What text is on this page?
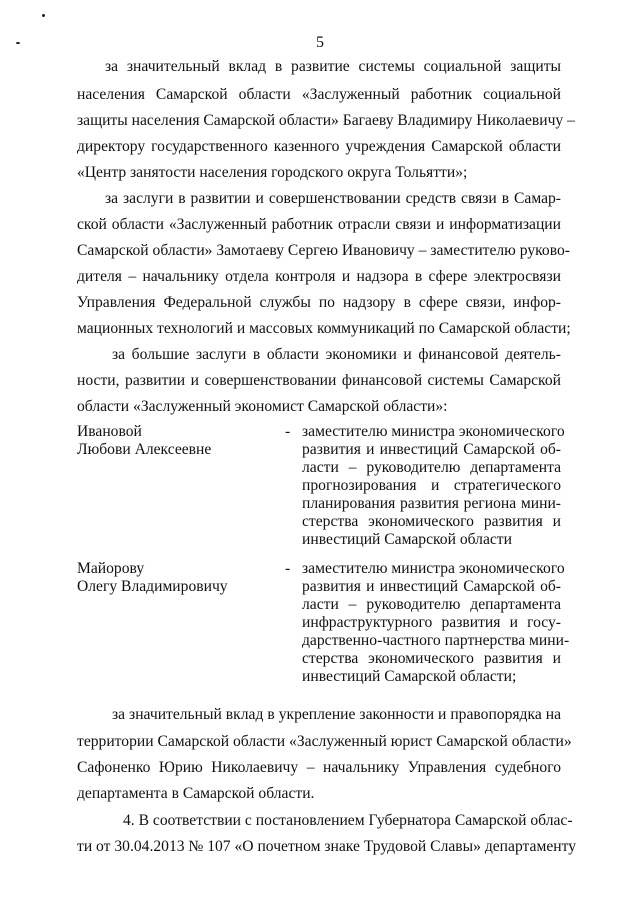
5
за значительный вклад в развитие системы социальной защиты
населения Самарской области «Заслуженный работник социальной
защиты населения Самарской области» Багаеву Владимиру Николаевичу –
директору государственного казенного учреждения Самарской области
«Центр занятости населения городского округа Тольятти»;
за заслуги в развитии и совершенствовании средств связи в Самар-
ской области «Заслуженный работник отрасли связи и информатизации
Самарской области» Замотаеву Сергею Ивановичу – заместителю руково-
дителя – начальнику отдела контроля и надзора в сфере электросвязи
Управления Федеральной службы по надзору в сфере связи, инфор-
мационных технологий и массовых коммуникаций по Самарской области;
за большие заслуги в области экономики и финансовой деятель-
ности, развитии и совершенствовании финансовой системы Самарской
области «Заслуженный экономист Самарской области»:
Ивановой
Любови Алексеевне
- заместителю министра экономического
развития и инвестиций Самарской об-
ласти – руководителю департамента
прогнозирования и стратегического
планирования развития региона мини-
стерства экономического развития и
инвестиций Самарской области
Майорову
Олегу Владимировичу
- заместителю министра экономического
развития и инвестиций Самарской об-
ласти – руководителю департамента
инфраструктурного развития и госу-
дарственно-частного партнерства мини-
стерства экономического развития и
инвестиций Самарской области;
за значительный вклад в укрепление законности и правопорядка на
территории Самарской области «Заслуженный юрист Самарской области»
Сафоненко Юрию Николаевичу – начальнику Управления судебного
департамента в Самарской области.
4. В соответствии с постановлением Губернатора Самарской облас-
ти от 30.04.2013 № 107 «О почетном знаке Трудовой Славы» департаменту
